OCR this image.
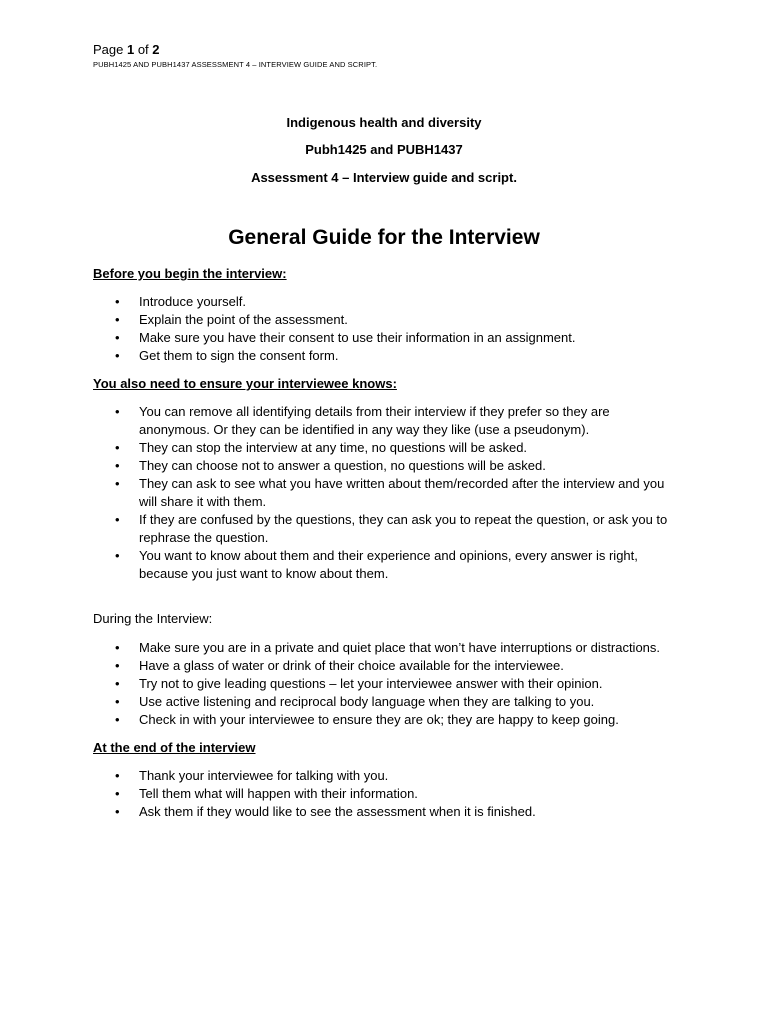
Page 1 of 2
PUBH1425 AND PUBH1437 ASSESSMENT 4 – INTERVIEW GUIDE AND SCRIPT.
Indigenous health and diversity
Pubh1425 and PUBH1437
Assessment 4 – Interview guide and script.
General Guide for the Interview
Before you begin the interview:
• Introduce yourself.
• Explain the point of the assessment.
• Make sure you have their consent to use their information in an assignment.
• Get them to sign the consent form.
You also need to ensure your interviewee knows:
• You can remove all identifying details from their interview if they prefer so they are anonymous. Or they can be identified in any way they like (use a pseudonym).
• They can stop the interview at any time, no questions will be asked.
• They can choose not to answer a question, no questions will be asked.
• They can ask to see what you have written about them/recorded after the interview and you will share it with them.
• If they are confused by the questions, they can ask you to repeat the question, or ask you to rephrase the question.
• You want to know about them and their experience and opinions, every answer is right, because you just want to know about them.
During the Interview:
• Make sure you are in a private and quiet place that won’t have interruptions or distractions.
• Have a glass of water or drink of their choice available for the interviewee.
• Try not to give leading questions – let your interviewee answer with their opinion.
• Use active listening and reciprocal body language when they are talking to you.
• Check in with your interviewee to ensure they are ok; they are happy to keep going.
At the end of the interview
• Thank your interviewee for talking with you.
• Tell them what will happen with their information.
• Ask them if they would like to see the assessment when it is finished.
